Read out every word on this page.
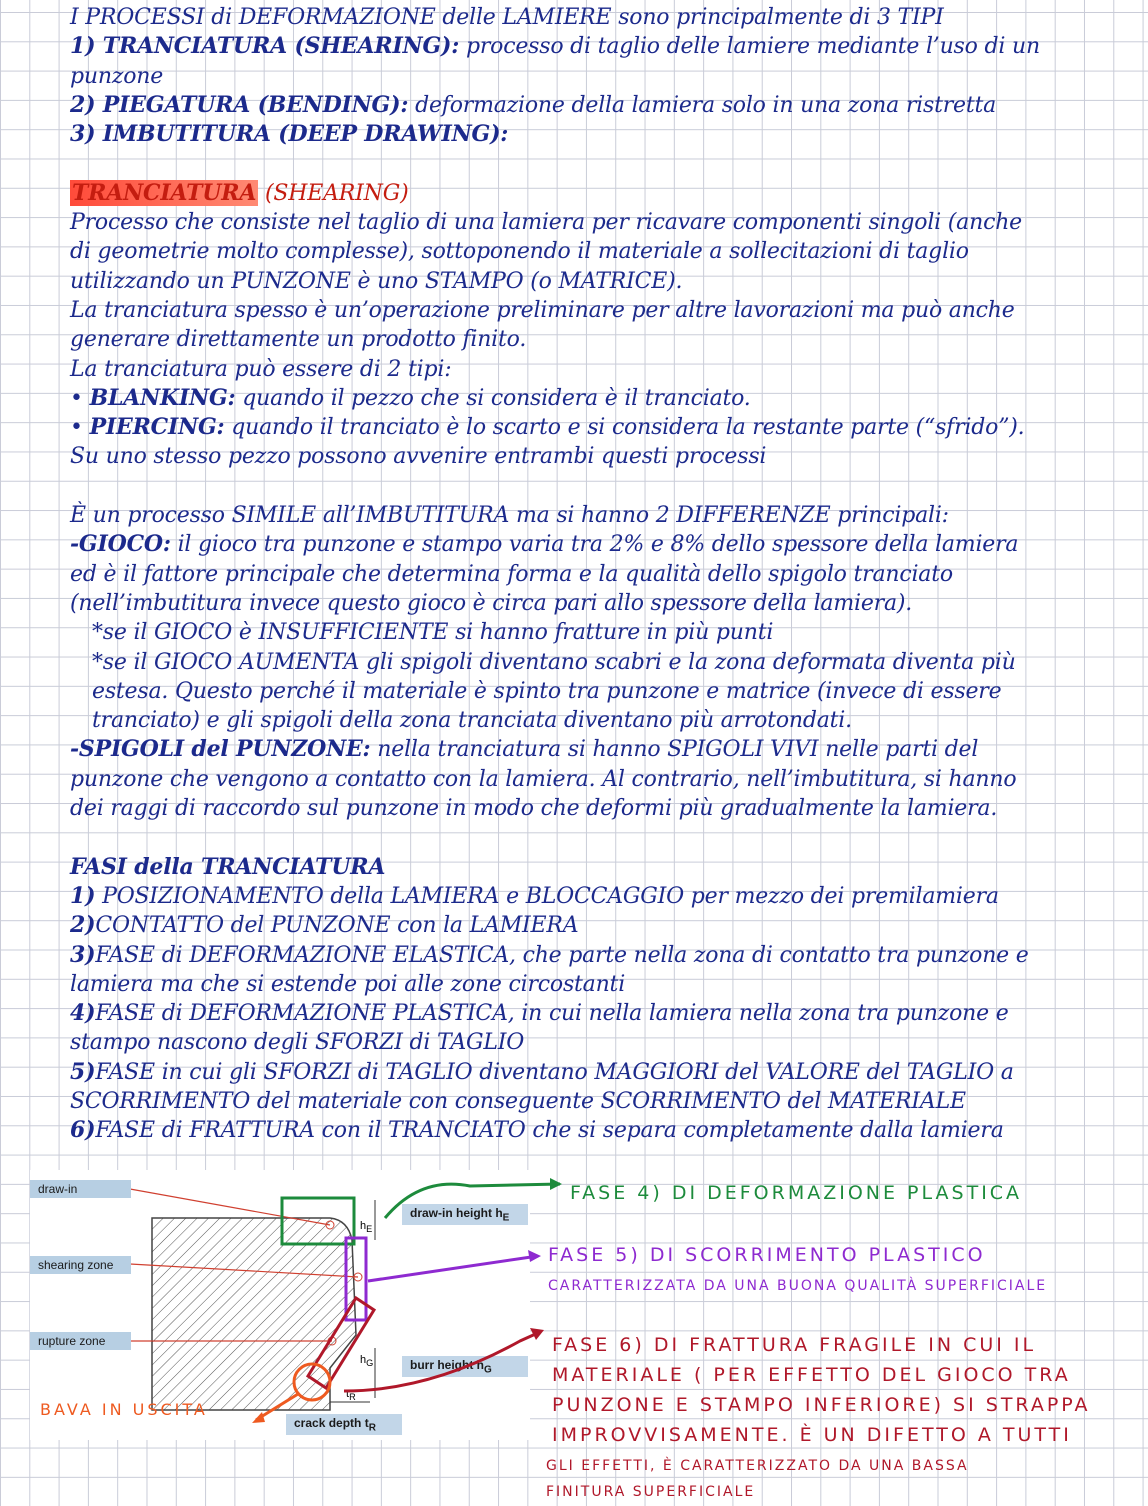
I PROCESSI di DEFORMAZIONE delle LAMIERE sono principalmente di 3 TIPI

1) TRANCIATURA (SHEARING): processo di taglio delle lamiere mediante l’uso di un

punzone

2) PIEGATURA (BENDING): deformazione della lamiera solo in una zona ristretta

3) IMBUTITURA (DEEP DRAWING):

TRANCIATURA (SHEARING)

Processo che consiste nel taglio di una lamiera per ricavare componenti singoli (anche

di geometrie molto complesse), sottoponendo il materiale a sollecitazioni di taglio

utilizzando un PUNZONE è uno STAMPO (o MATRICE).

La tranciatura spesso è un’operazione preliminare per altre lavorazioni ma può anche

generare direttamente un prodotto finito.

La tranciatura può essere di 2 tipi:

• BLANKING: quando il pezzo che si considera è il tranciato.

• PIERCING: quando il tranciato è lo scarto e si considera la restante parte (“sfrido”).

Su uno stesso pezzo possono avvenire entrambi questi processi

È un processo SIMILE all’IMBUTITURA ma si hanno 2 DIFFERENZE principali:

-GIOCO: il gioco tra punzone e stampo varia tra 2% e 8% dello spessore della lamiera

ed è il fattore principale che determina forma e la qualità dello spigolo tranciato

(nell’imbutitura invece questo gioco è circa pari allo spessore della lamiera).

*se il GIOCO è INSUFFICIENTE si hanno fratture in più punti

*se il GIOCO AUMENTA gli spigoli diventano scabri e la zona deformata diventa più

estesa. Questo perché il materiale è spinto tra punzone e matrice (invece di essere

tranciato) e gli spigoli della zona tranciata diventano più arrotondati.

-SPIGOLI del PUNZONE: nella tranciatura si hanno SPIGOLI VIVI nelle parti del

punzone che vengono a contatto con la lamiera. Al contrario, nell’imbutitura, si hanno

dei raggi di raccordo sul punzone in modo che deformi più gradualmente la lamiera.

FASI della TRANCIATURA

1) POSIZIONAMENTO della LAMIERA e BLOCCAGGIO per mezzo dei premilamiera

2)CONTATTO del PUNZONE con la LAMIERA

3)FASE di DEFORMAZIONE ELASTICA, che parte nella zona di contatto tra punzone e

lamiera ma che si estende poi alle zone circostanti

4)FASE di DEFORMAZIONE PLASTICA, in cui nella lamiera nella zona tra punzone e

stampo nascono degli SFORZI di TAGLIO

5)FASE in cui gli SFORZI di TAGLIO diventano MAGGIORI del VALORE del TAGLIO a

SCORRIMENTO del materiale con conseguente SCORRIMENTO del MATERIALE

6)FASE di FRATTURA con il TRANCIATO che si separa completamente dalla lamiera

draw-in
shearing zone
rupture zone
draw-in height $h_E$
burr height $h_G$
crack depth $t_R$
$h_E$
$h_G$
$t_R$
FASE 4) DI DEFORMAZIONE PLASTICA
FASE 5) DI SCORRIMENTO PLASTICO
CARATTERIZZATA DA UNA BUONA QUALITÀ SUPERFICIALE
FASE 6) DI FRATTURA FRAGILE IN CUI IL
MATERIALE ( PER EFFETTO DEL GIOCO TRA
PUNZONE E STAMPO INFERIORE) SI STRAPPA
IMPROVVISAMENTE. È UN DIFETTO A TUTTI
GLI EFFETTI, È CARATTERIZZATO DA UNA BASSA
FINITURA SUPERFICIALE
BAVA IN USCITA
